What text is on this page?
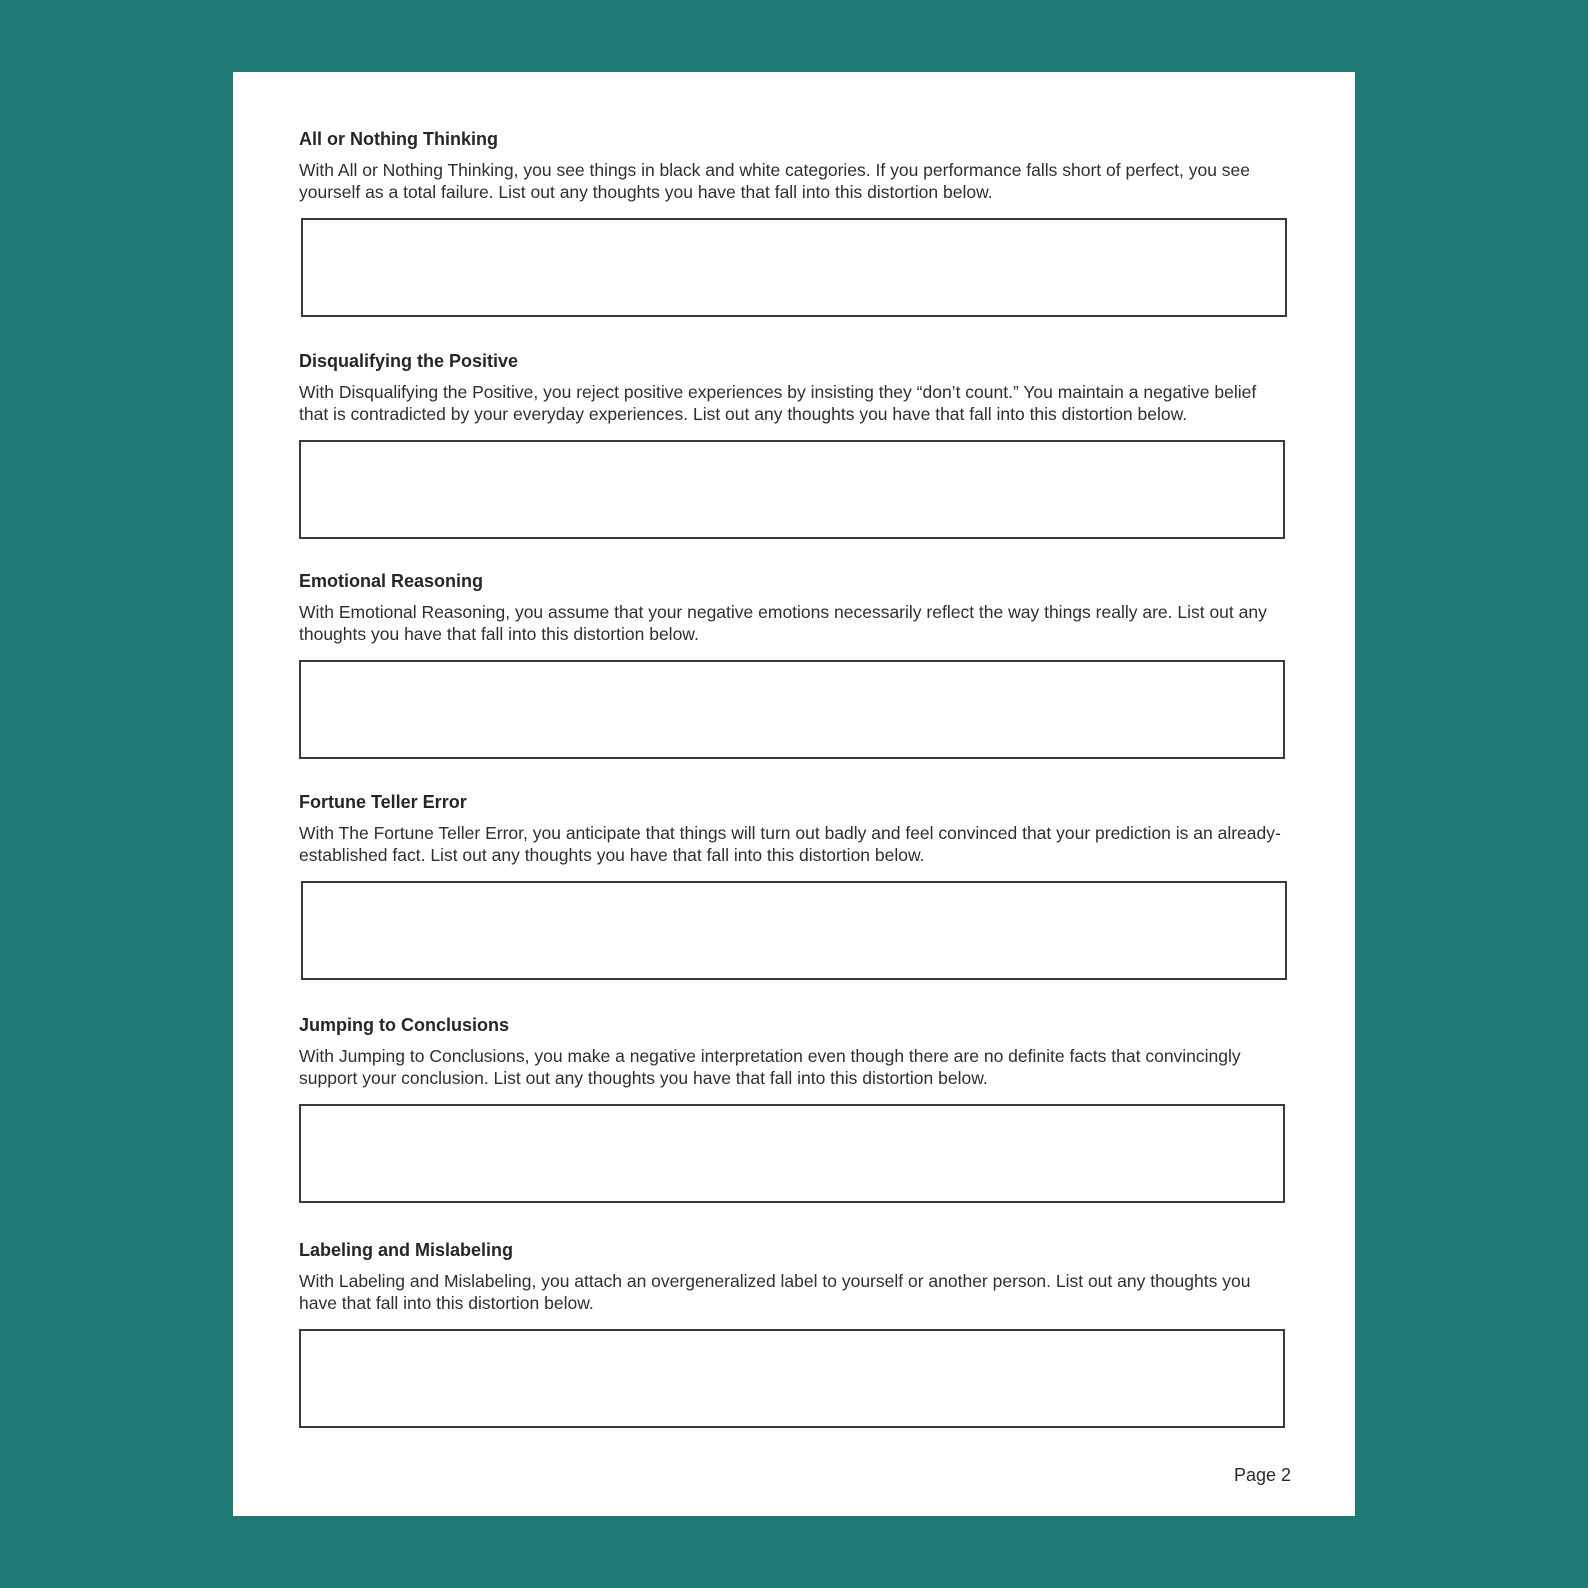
All or Nothing Thinking

With All or Nothing Thinking, you see things in black and white categories. If you performance falls short of perfect, you see yourself as a total failure. List out any thoughts you have that fall into this distortion below.

Disqualifying the Positive

With Disqualifying the Positive, you reject positive experiences by insisting they “don’t count.” You maintain a negative belief that is contradicted by your everyday experiences. List out any thoughts you have that fall into this distortion below.

Emotional Reasoning

With Emotional Reasoning, you assume that your negative emotions necessarily reflect the way things really are. List out any thoughts you have that fall into this distortion below.

Fortune Teller Error

With The Fortune Teller Error, you anticipate that things will turn out badly and feel convinced that your prediction is an already-established fact. List out any thoughts you have that fall into this distortion below.

Jumping to Conclusions

With Jumping to Conclusions, you make a negative interpretation even though there are no definite facts that convincingly support your conclusion. List out any thoughts you have that fall into this distortion below.

Labeling and Mislabeling

With Labeling and Mislabeling, you attach an overgeneralized label to yourself or another person. List out any thoughts you have that fall into this distortion below.

Page 2
